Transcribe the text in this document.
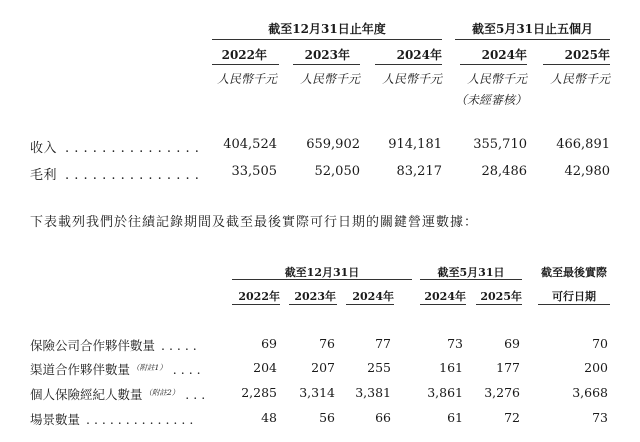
截至12月31日止年度	截至5月31日止五個月
2022年	2023年	2024年	2024年	2025年
人民幣千元	人民幣千元	人民幣千元	人民幣千元	人民幣千元
（未經審核）
收入 . . . . . . . . . . . . . . .	404,524	659,902	914,181	355,710	466,891
毛利 . . . . . . . . . . . . . . .	33,505	52,050	83,217	28,486	42,980
下表載列我們於往績記錄期間及截至最後實際可行日期的關鍵營運數據：
截至12月31日	截至5月31日	截至最後實際
2022年	2023年	2024年	2024年	2025年	可行日期
保險公司合作夥伴數量 . . . . .	69	76	77	73	69	70
渠道合作夥伴數量 $^{(附註1)}$ . . . .	204	207	255	161	177	200
個人保險經紀人數量 $^{(附註2)}$ . . .	2,285	3,314	3,381	3,861	3,276	3,668
場景數量 . . . . . . . . . . . . . .	48	56	66	61	72	73
